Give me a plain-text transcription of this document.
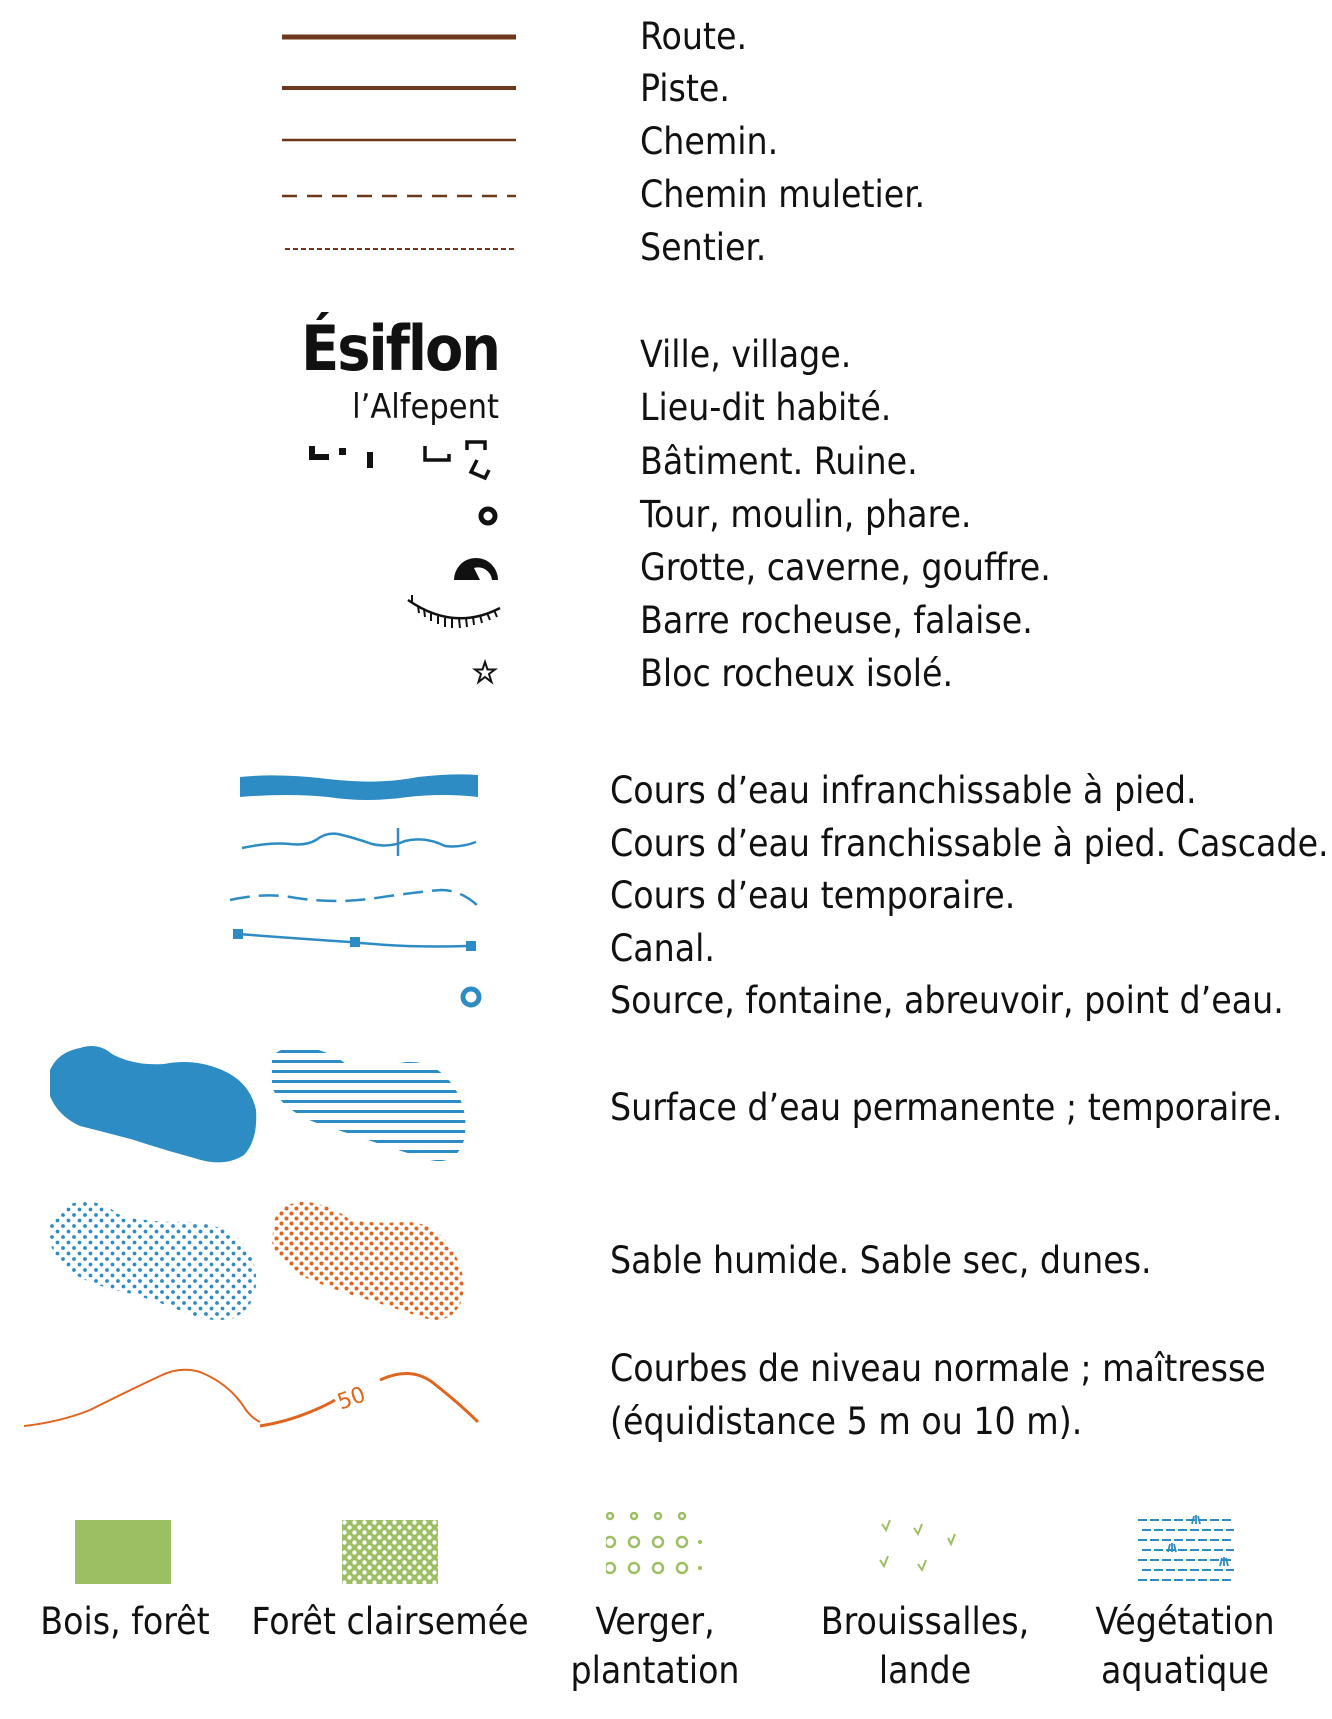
Route.
Piste.
Chemin.
Chemin muletier.
Sentier.
Ésiflon	Ville, village.
l’Alfepent	Lieu-dit habité.
Bâtiment. Ruine.
Tour, moulin, phare.
Grotte, caverne, gouffre.
Barre rocheuse, falaise.
Bloc rocheux isolé.
Cours d’eau infranchissable à pied.
Cours d’eau franchissable à pied. Cascade.
Cours d’eau temporaire.
Canal.
Source, fontaine, abreuvoir, point d’eau.
Surface d’eau permanente ; temporaire.
Sable humide. Sable sec, dunes.
50
Courbes de niveau normale ; maîtresse
(équidistance 5 m ou 10 m).
Bois, forêt	Forêt clairsemée	Verger,
plantation
Brouissalles,
lande
Végétation
aquatique
